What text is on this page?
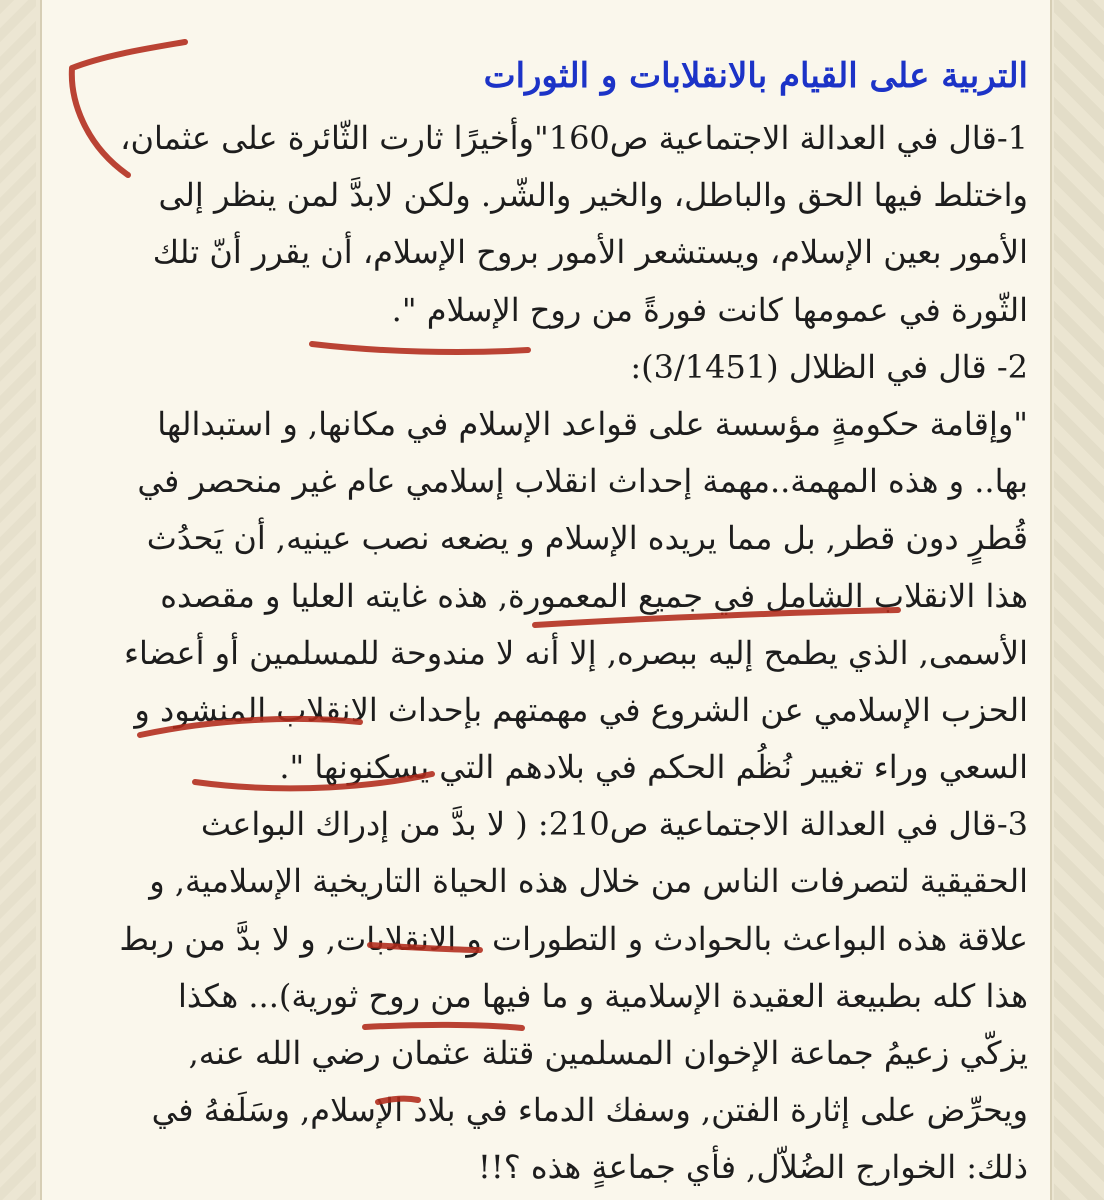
التربية على القيام بالانقلابات و الثورات
1-قال في العدالة الاجتماعية ص160"وأخيرًا ثارت الثّائرة على عثمان،
واختلط فيها الحق والباطل، والخير والشّر. ولكن لابدَّ لمن ينظر إلى
الأمور بعين الإسلام، ويستشعر الأمور بروح الإسلام، أن يقرر أنّ تلك
الثّورة في عمومها كانت فورةً من روح الإسلام ".
2- قال في الظلال (3/1451):
"وإقامة حكومةٍ مؤسسة على قواعد الإسلام في مكانها, و استبدالها
بها.. و هذه المهمة..مهمة إحداث انقلاب إسلامي عام غير منحصر في
قُطرٍ دون قطر, بل مما يريده الإسلام و يضعه نصب عينيه, أن يَحدُث
هذا الانقلاب الشامل في جميع المعمورة, هذه غايته العليا و مقصده
الأسمى, الذي يطمح إليه ببصره, إلا أنه لا مندوحة للمسلمين أو أعضاء
الحزب الإسلامي عن الشروع في مهمتهم بإحداث الانقلاب المنشود و
السعي وراء تغيير نُظُم الحكم في بلادهم التي يسكنونها ".
3-قال في العدالة الاجتماعية ص210: ( لا بدَّ من إدراك البواعث
الحقيقية لتصرفات الناس من خلال هذه الحياة التاريخية الإسلامية, و
علاقة هذه البواعث بالحوادث و التطورات و الانقلابات, و لا بدَّ من ربط
هذا كله بطبيعة العقيدة الإسلامية و ما فيها من روح ثورية)... هكذا
يزكّي زعيمُ جماعة الإخوان المسلمين قتلة عثمان رضي الله عنه,
ويحرِّض على إثارة الفتن, وسفك الدماء في بلاد الإسلام, وسَلَفهُ في
ذلك: الخوارج الضُلاّل, فأي جماعةٍ هذه ؟!!
